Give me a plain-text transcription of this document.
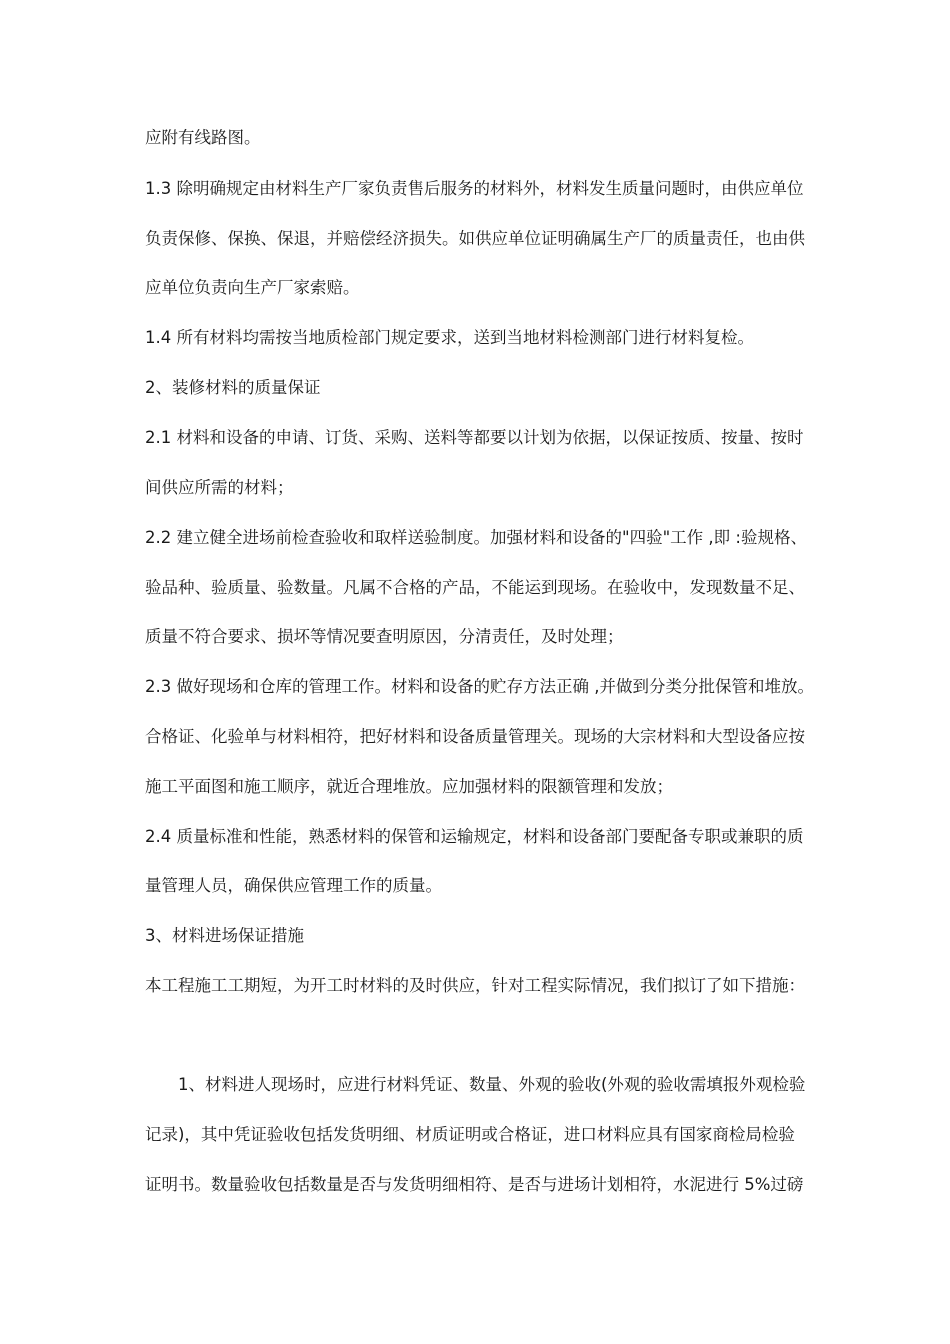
应附有线路图。
1.3 除明确规定由材料生产厂家负责售后服务的材料外，材料发生质量问题时，由供应单位
负责保修、保换、保退，并赔偿经济损失。如供应单位证明确属生产厂的质量责任，也由供
应单位负责向生产厂家索赔。
1.4 所有材料均需按当地质检部门规定要求，送到当地材料检测部门进行材料复检。
2、装修材料的质量保证
2.1 材料和设备的申请、订货、采购、送料等都要以计划为依据，以保证按质、按量、按时
间供应所需的材料；
2.2 建立健全进场前检查验收和取样送验制度。加强材料和设备的"四验"工作 ,即 :验规格、
验品种、验质量、验数量。凡属不合格的产品，不能运到现场。在验收中，发现数量不足、
质量不符合要求、损坏等情况要查明原因，分清责任，及时处理；
2.3 做好现场和仓库的管理工作。材料和设备的贮存方法正确 ,并做到分类分批保管和堆放。
合格证、化验单与材料相符，把好材料和设备质量管理关。现场的大宗材料和大型设备应按
施工平面图和施工顺序，就近合理堆放。应加强材料的限额管理和发放；
2.4 质量标准和性能，熟悉材料的保管和运输规定，材料和设备部门要配备专职或兼职的质
量管理人员，确保供应管理工作的质量。
3、材料进场保证措施
本工程施工工期短，为开工时材料的及时供应，针对工程实际情况，我们拟订了如下措施：
1、材料进人现场时，应进行材料凭证、数量、外观的验收(外观的验收需填报外观检验
记录)，其中凭证验收包括发货明细、材质证明或合格证，进口材料应具有国家商检局检验
证明书。数量验收包括数量是否与发货明细相符、是否与进场计划相符，水泥进行 5%过磅
